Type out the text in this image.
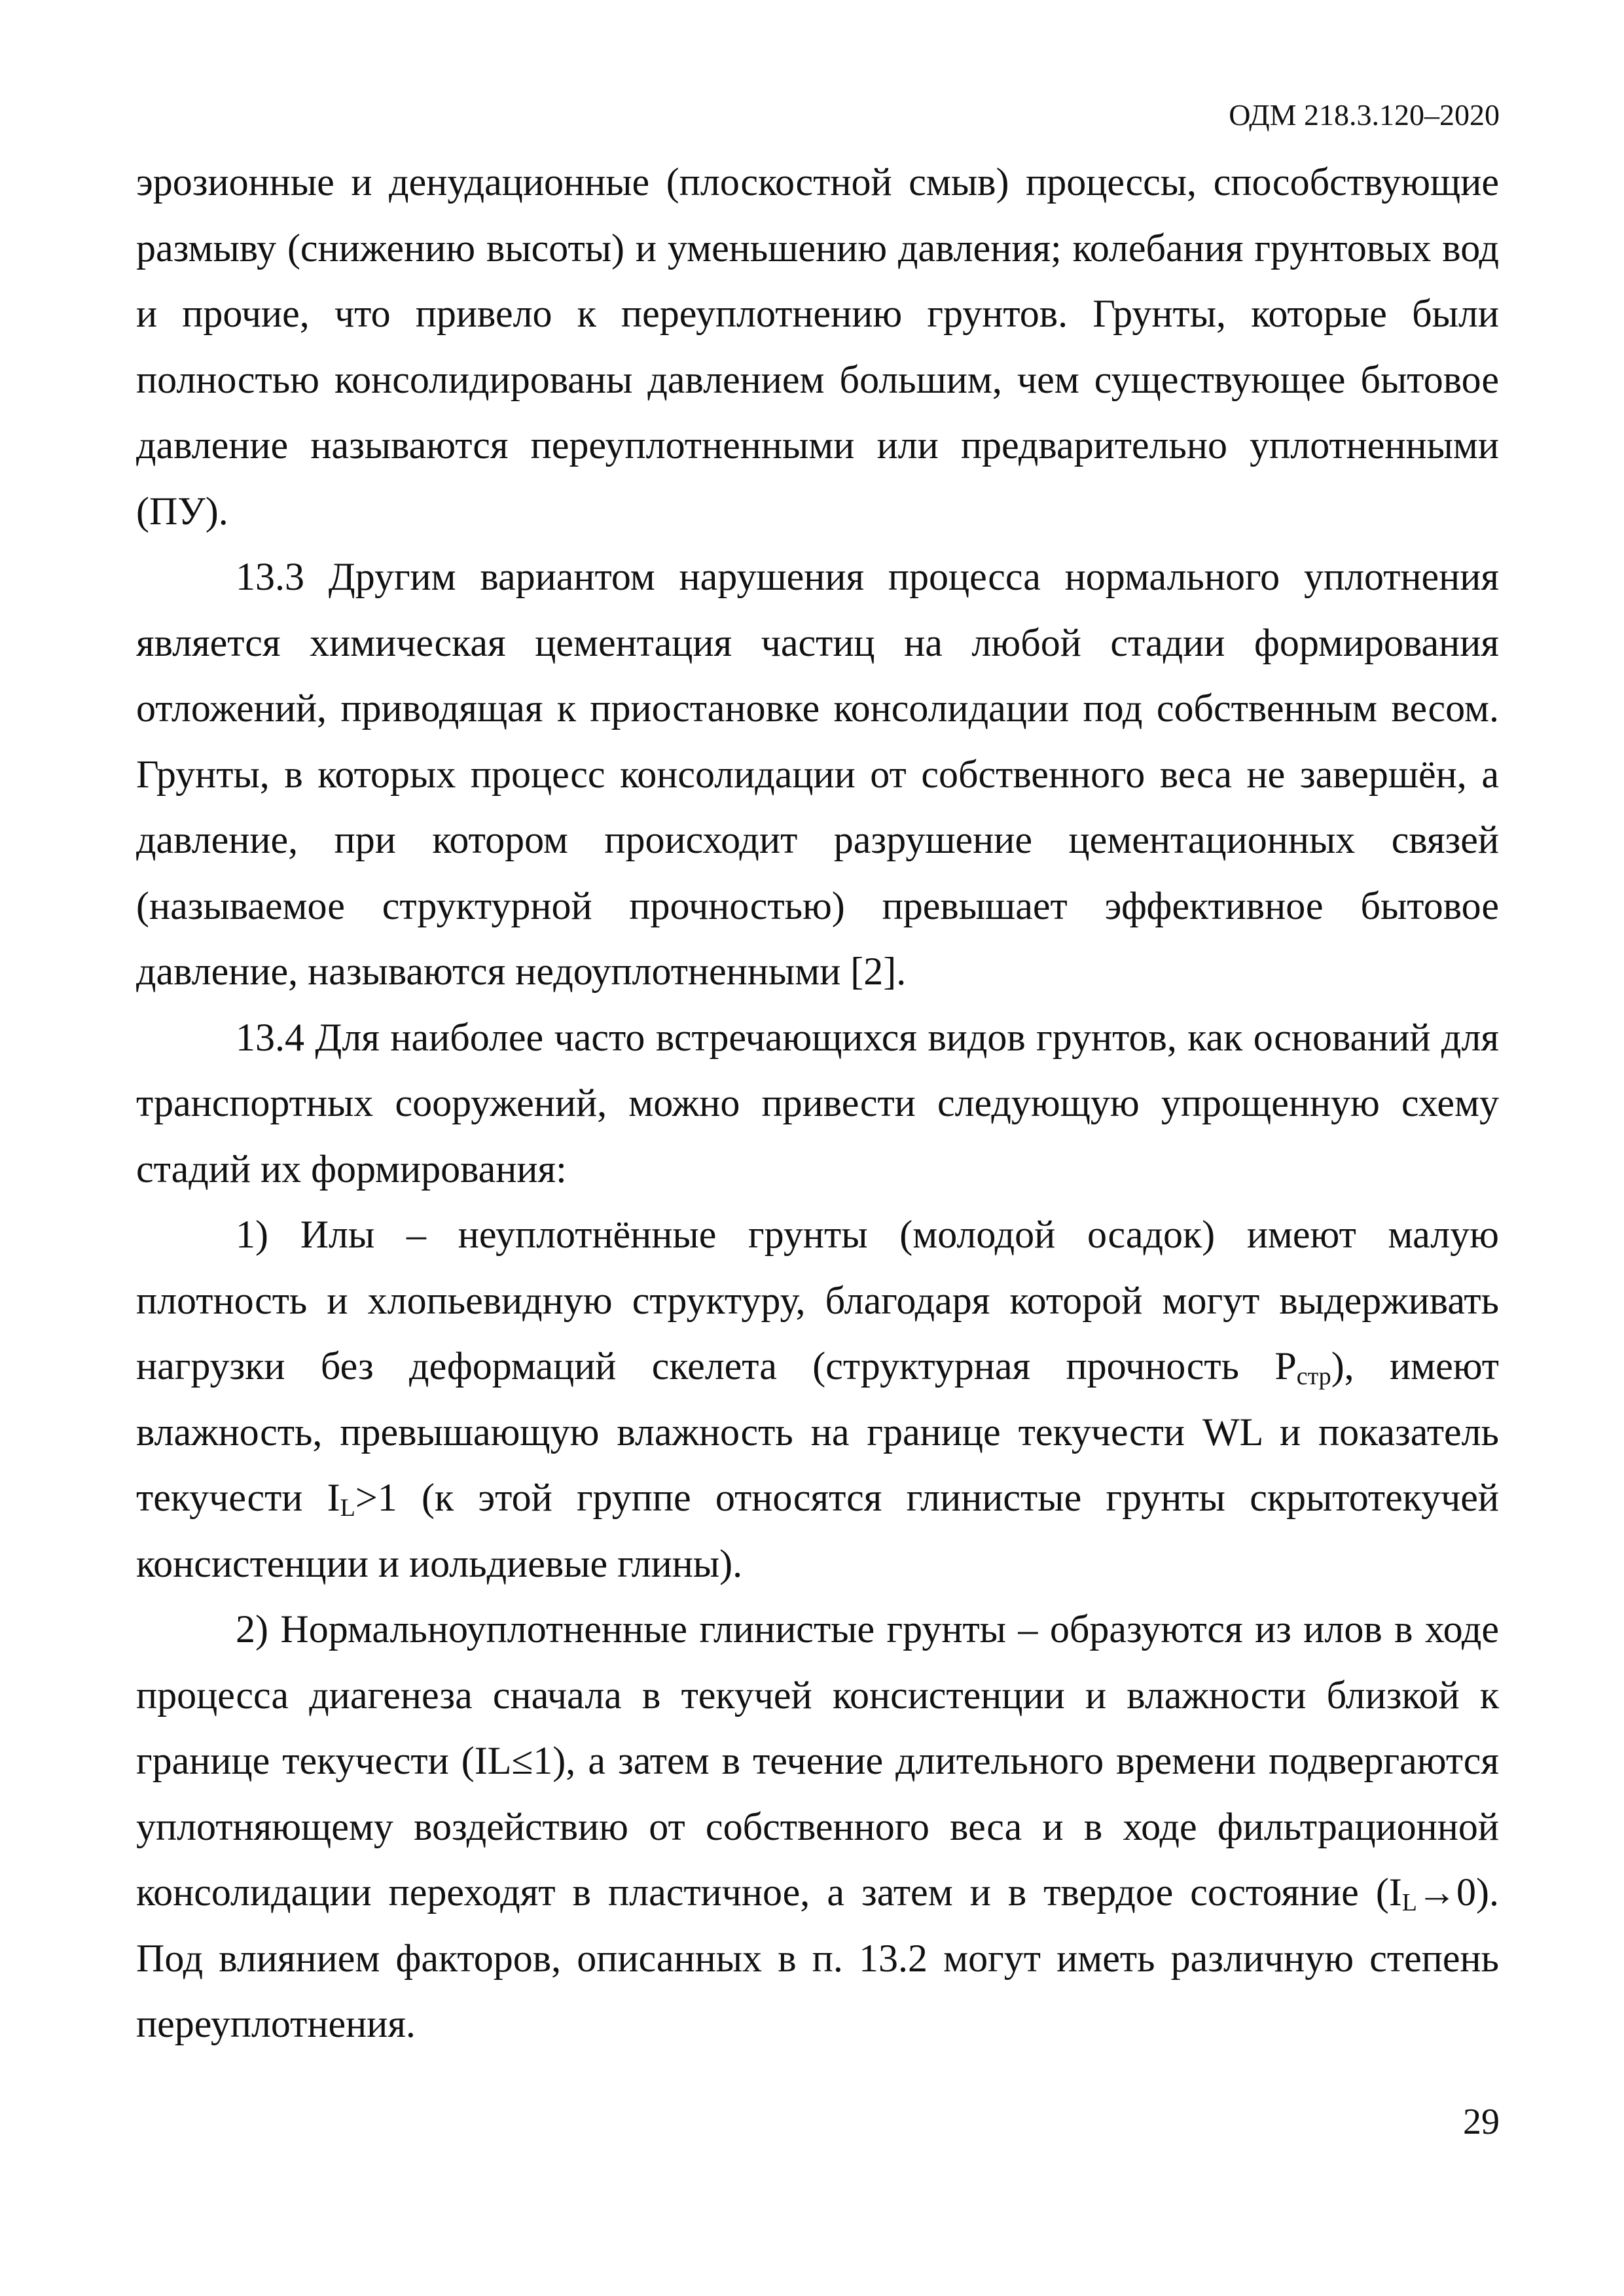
ОДМ 218.3.120–2020

эрозионные и денудационные (плоскостной смыв) процессы, способствующие размыву (снижению высоты) и уменьшению давления; колебания грунтовых вод и прочие, что привело к переуплотнению грунтов. Грунты, которые были полностью консолидированы давлением большим, чем существующее бытовое давление называются переуплотненными или предварительно уплотненными (ПУ).

13.3 Другим вариантом нарушения процесса нормального уплотнения является химическая цементация частиц на любой стадии формирования отложений, приводящая к приостановке консолидации под собственным весом. Грунты, в которых процесс консолидации от собственного веса не завершён, а давление, при котором происходит разрушение цементационных связей (называемое структурной прочностью) превышает эффективное бытовое давление, называются недоуплотненными [2].

13.4 Для наиболее часто встречающихся видов грунтов, как оснований для транспортных сооружений, можно привести следующую упрощенную схему стадий их формирования:

1) Илы – неуплотнённые грунты (молодой осадок) имеют малую плотность и хлопьевидную структуру, благодаря которой могут выдерживать нагрузки без деформаций скелета (структурная прочность $P_{стр}$), имеют влажность, превышающую влажность на границе текучести WL и показатель текучести $I_L>1$ (к этой группе относятся глинистые грунты скрытотекучей консистенции и иольдиевые глины).

2) Нормальноуплотненные глинистые грунты – образуются из илов в ходе процесса диагенеза сначала в текучей консистенции и влажности близкой к границе текучести (IL≤1), а затем в течение длительного времени подвергаются уплотняющему воздействию от собственного веса и в ходе фильтрационной консолидации переходят в пластичное, а затем и в твердое состояние $(I_L\to 0)$. Под влиянием факторов, описанных в п. 13.2 могут иметь различную степень переуплотнения.

29
